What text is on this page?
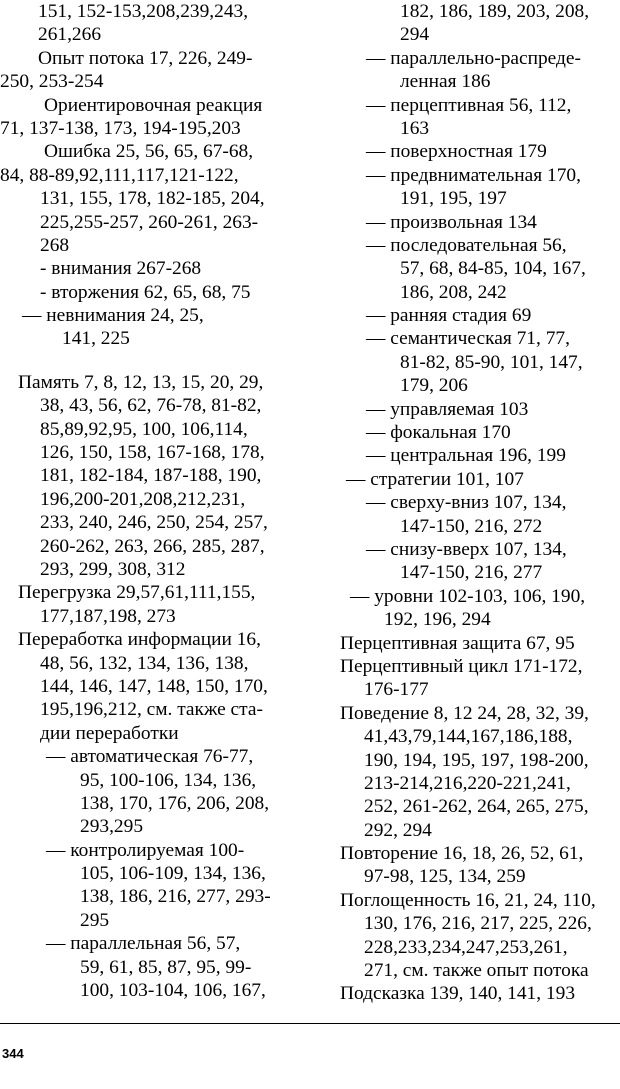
151, 152-153,208,239,243,
261,266
Опыт потока 17, 226, 249-
250, 253-254
Ориентировочная реакция
71, 137-138, 173, 194-195,203
Ошибка 25, 56, 65, 67-68,
84, 88-89,92,111,117,121-122,
131, 155, 178, 182-185, 204,
225,255-257, 260-261, 263-
268
- внимания 267-268
- вторжения 62, 65, 68, 75
— невнимания 24, 25,
141, 225
Память 7, 8, 12, 13, 15, 20, 29,
38, 43, 56, 62, 76-78, 81-82,
85,89,92,95, 100, 106,114,
126, 150, 158, 167-168, 178,
181, 182-184, 187-188, 190,
196,200-201,208,212,231,
233, 240, 246, 250, 254, 257,
260-262, 263, 266, 285, 287,
293, 299, 308, 312
Перегрузка 29,57,61,111,155,
177,187,198, 273
Переработка информации 16,
48, 56, 132, 134, 136, 138,
144, 146, 147, 148, 150, 170,
195,196,212, см. также ста-
дии переработки
— автоматическая 76-77,
95, 100-106, 134, 136,
138, 170, 176, 206, 208,
293,295
— контролируемая 100-
105, 106-109, 134, 136,
138, 186, 216, 277, 293-
295
— параллельная 56, 57,
59, 61, 85, 87, 95, 99-
100, 103-104, 106, 167,
182, 186, 189, 203, 208,
294
— параллельно-распреде-
ленная 186
— перцептивная 56, 112,
163
— поверхностная 179
— предвнимательная 170,
191, 195, 197
— произвольная 134
— последовательная 56,
57, 68, 84-85, 104, 167,
186, 208, 242
— ранняя стадия 69
— семантическая 71, 77,
81-82, 85-90, 101, 147,
179, 206
— управляемая 103
— фокальная 170
— центральная 196, 199
— стратегии 101, 107
— сверху-вниз 107, 134,
147-150, 216, 272
— снизу-вверх 107, 134,
147-150, 216, 277
— уровни 102-103, 106, 190,
192, 196, 294
Перцептивная защита 67, 95
Перцептивный цикл 171-172,
176-177
Поведение 8, 12 24, 28, 32, 39,
41,43,79,144,167,186,188,
190, 194, 195, 197, 198-200,
213-214,216,220-221,241,
252, 261-262, 264, 265, 275,
292, 294
Повторение 16, 18, 26, 52, 61,
97-98, 125, 134, 259
Поглощенность 16, 21, 24, 110,
130, 176, 216, 217, 225, 226,
228,233,234,247,253,261,
271, см. также опыт потока
Подсказка 139, 140, 141, 193
344
